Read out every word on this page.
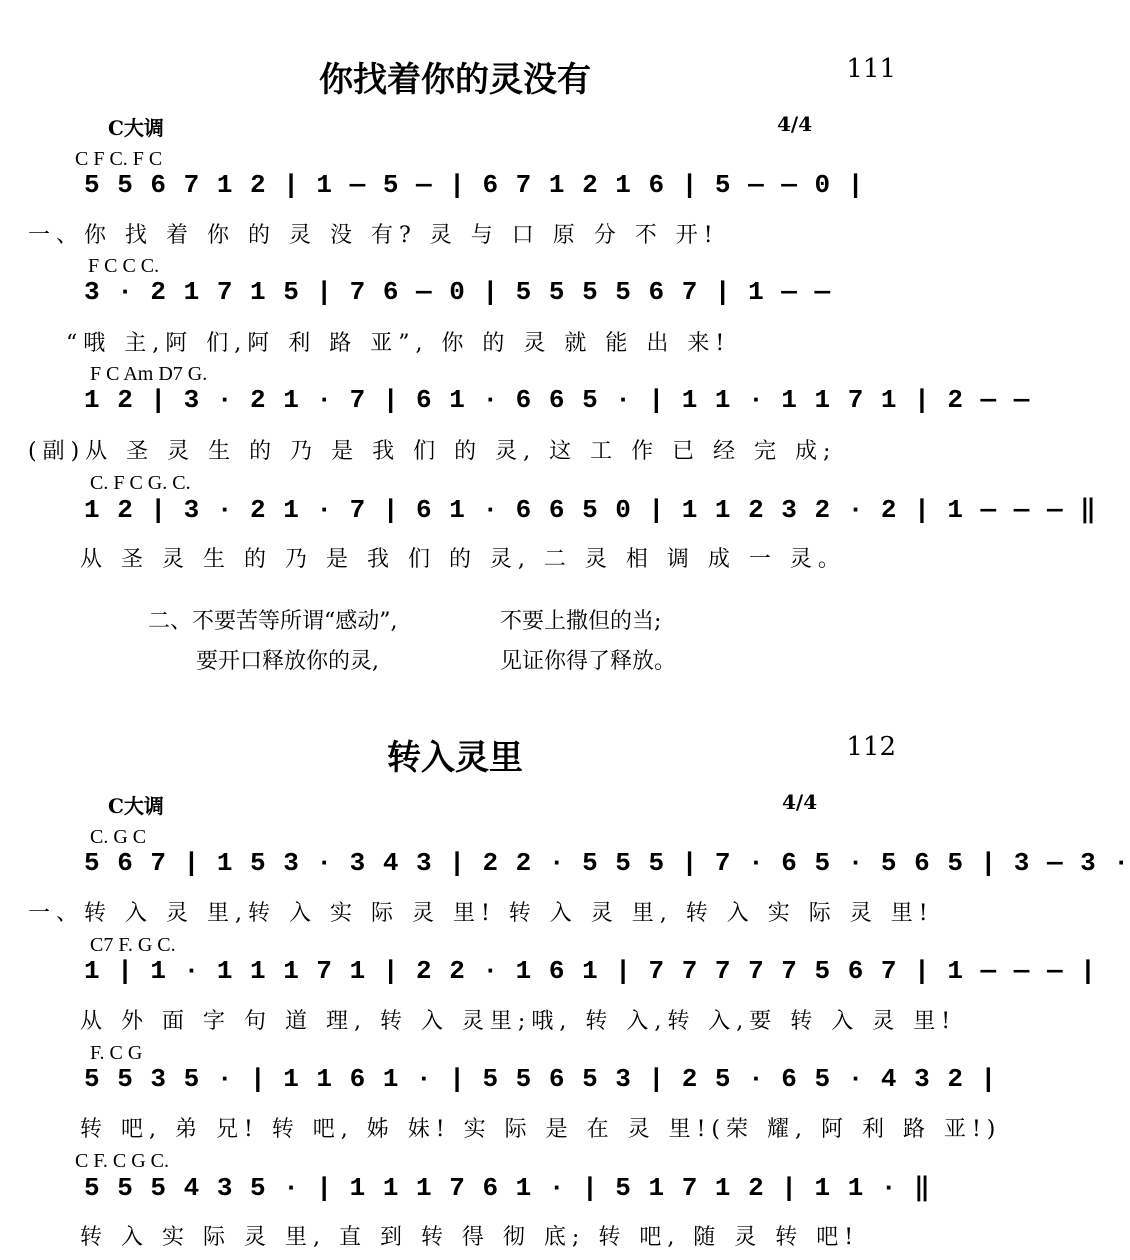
你找着你的灵没有	111
C大调	4/4
C F C. F C
5 5 6 7 1 2 | 1 — 5 — | 6 7 1 2 1 6 | 5 — — 0 |
一、你 找 着 你 的 灵 没 有? 灵 与 口 原 分 不 开!
F C C C.
3 · 2 1 7 1 5 | 7 6 — 0 | 5 5 5 5 6 7 | 1 — —
“哦 主,阿 们,阿 利 路 亚”, 你 的 灵 就 能 出 来!
F C Am D7 G.
1 2 | 3 · 2 1 · 7 | 6 1 · 6 6 5 · | 1 1 · 1 1 7 1 | 2 — —
(副)从 圣 灵 生 的 乃 是 我 们 的 灵, 这 工 作 已 经 完 成;
C. F C G. C.
1 2 | 3 · 2 1 · 7 | 6 1 · 6 6 5 0 | 1 1 2 3 2 · 2 | 1 — — — ‖
从 圣 灵 生 的 乃 是 我 们 的 灵, 二 灵 相 调 成 一 灵。
二、不要苦等所谓“感动”,	不要上撒但的当;
要开口释放你的灵,	见证你得了释放。
转入灵里	112
C大调	4/4
C. G C
5 6 7 | 1 5 3 · 3 4 3 | 2 2 · 5 5 5 | 7 · 6 5 · 5 6 5 | 3 — 3 ·
一、转 入 灵 里,转 入 实 际 灵 里! 转 入 灵 里, 转 入 实 际 灵 里!
C7 F. G C.
1 | 1 · 1 1 1 7 1 | 2 2 · 1 6 1 | 7 7 7 7 7 5 6 7 | 1 — — — |
从 外 面 字 句 道 理, 转 入 灵里;哦, 转 入,转 入,要 转 入 灵 里!
F. C G
5 5 3 5 · | 1 1 6 1 · | 5 5 6 5 3 | 2 5 · 6 5 · 4 3 2 |
转 吧, 弟 兄! 转 吧, 姊 妹! 实 际 是 在 灵 里!(荣 耀, 阿 利 路 亚!)
C F. C G C.
5 5 5 4 3 5 · | 1 1 1 7 6 1 · | 5 1 7 1 2 | 1 1 · ‖
转 入 实 际 灵 里, 直 到 转 得 彻 底; 转 吧, 随 灵 转 吧!
